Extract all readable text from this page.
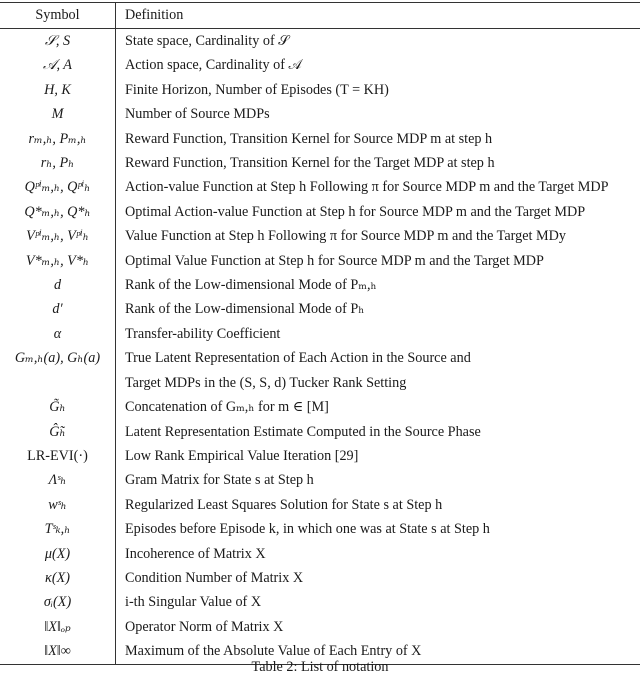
Symbol	Definition
𝒮, S	State space, Cardinality of 𝒮
𝒜, A	Action space, Cardinality of 𝒜
H, K	Finite Horizon, Number of Episodes (T = KH)
M	Number of Source MDPs
rₘ,ₕ, Pₘ,ₕ	Reward Function, Transition Kernel for Source MDP m at step h
rₕ, Pₕ	Reward Function, Transition Kernel for the Target MDP at step h
Qᵖⁱₘ,ₕ, Qᵖⁱₕ	Action-value Function at Step h Following π for Source MDP m and the Target MDP
Q*ₘ,ₕ, Q*ₕ	Optimal Action-value Function at Step h for Source MDP m and the Target MDP
Vᵖⁱₘ,ₕ, Vᵖⁱₕ	Value Function at Step h Following π for Source MDP m and the Target MDy
V*ₘ,ₕ, V*ₕ	Optimal Value Function at Step h for Source MDP m and the Target MDP
d	Rank of the Low-dimensional Mode of Pₘ,ₕ
d′	Rank of the Low-dimensional Mode of Pₕ
α	Transfer-ability Coefficient
Gₘ,ₕ(a), Gₕ(a)	True Latent Representation of Each Action in the Source and
	Target MDPs in the (S, S, d) Tucker Rank Setting
G̃ₕ	Concatenation of Gₘ,ₕ for m ∈ [M]
Ĝ̃ₕ	Latent Representation Estimate Computed in the Source Phase
LR-EVI(·)	Low Rank Empirical Value Iteration [29]
Λˢₕ	Gram Matrix for State s at Step h
wˢₕ	Regularized Least Squares Solution for State s at Step h
Tˢₖ,ₕ	Episodes before Episode k, in which one was at State s at Step h
μ(X)	Incoherence of Matrix X
κ(X)	Condition Number of Matrix X
σᵢ(X)	i-th Singular Value of X
‖X‖ₒₚ	Operator Norm of Matrix X
‖X‖∞	Maximum of the Absolute Value of Each Entry of X
Table 2: List of notation
